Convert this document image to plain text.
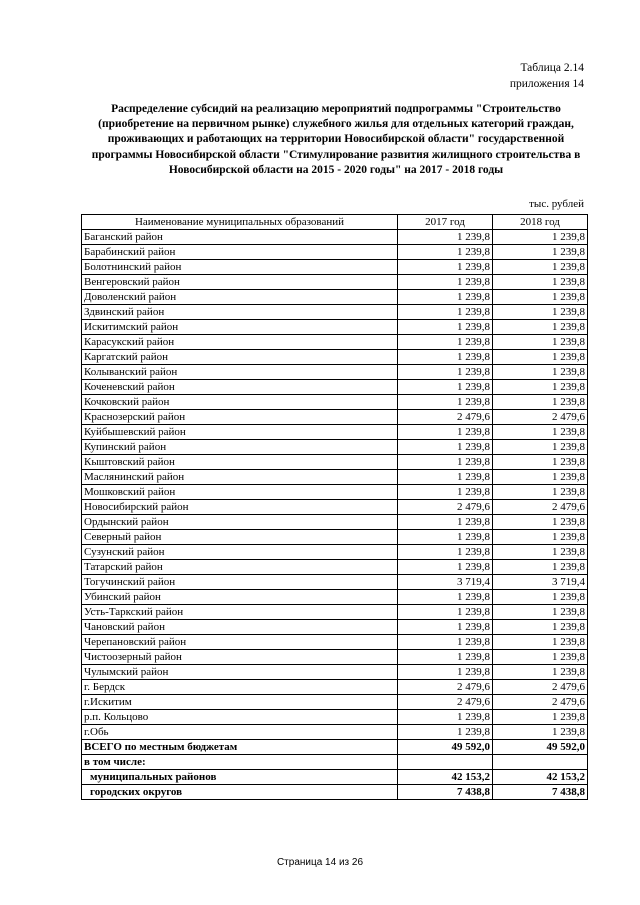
Таблица 2.14
приложения 14
Распределение субсидий на реализацию мероприятий подпрограммы "Строительство
(приобретение на первичном рынке) служебного жилья для отдельных категорий граждан,
проживающих и работающих на территории Новосибирской области" государственной
программы Новосибирской области "Стимулирование развития жилищного строительства в
Новосибирской области на 2015 - 2020 годы" на 2017 - 2018 годы
тыс. рублей
Наименование муниципальных образований	2017 год	2018 год
Баганский район	1 239,8	1 239,8
Барабинский район	1 239,8	1 239,8
Болотнинский район	1 239,8	1 239,8
Венгеровский район	1 239,8	1 239,8
Доволенский район	1 239,8	1 239,8
Здвинский район	1 239,8	1 239,8
Искитимский район	1 239,8	1 239,8
Карасукский район	1 239,8	1 239,8
Каргатский район	1 239,8	1 239,8
Колыванский район	1 239,8	1 239,8
Коченевский район	1 239,8	1 239,8
Кочковский район	1 239,8	1 239,8
Краснозерский район	2 479,6	2 479,6
Куйбышевский район	1 239,8	1 239,8
Купинский район	1 239,8	1 239,8
Кыштовский район	1 239,8	1 239,8
Маслянинский район	1 239,8	1 239,8
Мошковский район	1 239,8	1 239,8
Новосибирский район	2 479,6	2 479,6
Ордынский район	1 239,8	1 239,8
Северный район	1 239,8	1 239,8
Сузунский район	1 239,8	1 239,8
Татарский район	1 239,8	1 239,8
Тогучинский район	3 719,4	3 719,4
Убинский район	1 239,8	1 239,8
Усть-Таркский район	1 239,8	1 239,8
Чановский район	1 239,8	1 239,8
Черепановский район	1 239,8	1 239,8
Чистоозерный район	1 239,8	1 239,8
Чулымский район	1 239,8	1 239,8
г. Бердск	2 479,6	2 479,6
г.Искитим	2 479,6	2 479,6
р.п. Кольцово	1 239,8	1 239,8
г.Обь	1 239,8	1 239,8
ВСЕГО по местным бюджетам	49 592,0	49 592,0
в том числе:		
муниципальных районов	42 153,2	42 153,2
городских округов	7 438,8	7 438,8
Страница 14 из 26
